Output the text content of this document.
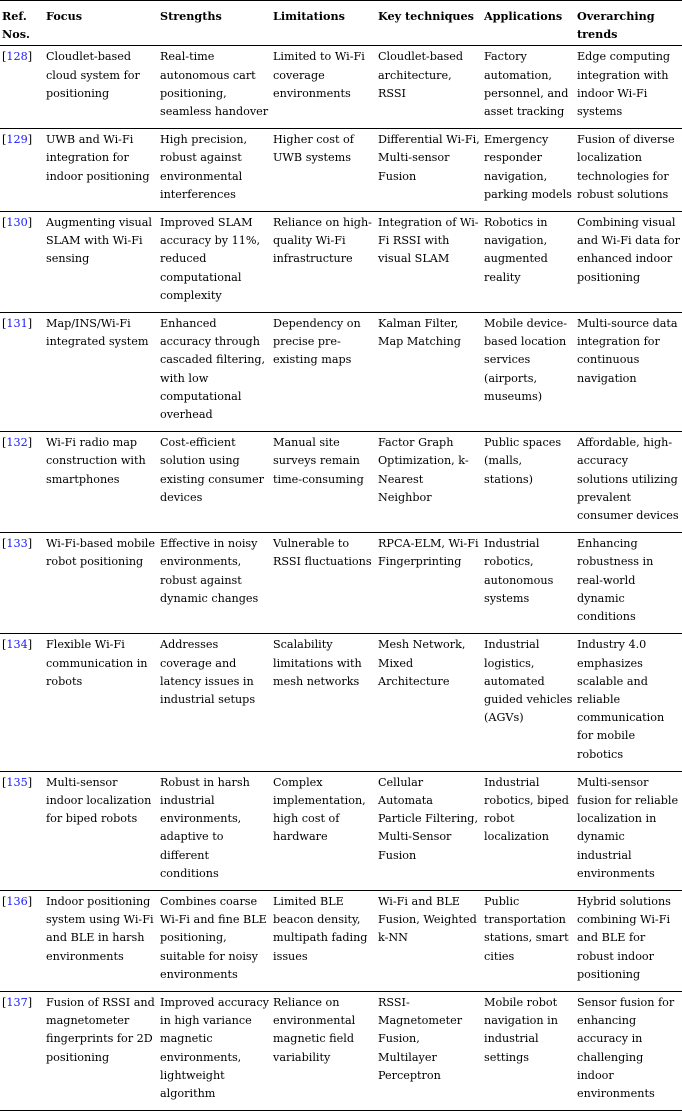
Ref. Nos.	Focus	Strengths	Limitations	Key techniques	Applications	Overarching trends
[128]	Cloudlet-based cloud system for positioning	Real-time autonomous cart positioning, seamless handover	Limited to Wi-Fi coverage environments	Cloudlet-based architecture, RSSI	Factory automation, personnel, and asset tracking	Edge computing integration with indoor Wi-Fi systems
[129]	UWB and Wi-Fi integration for indoor positioning	High precision, robust against environmental interferences	Higher cost of UWB systems	Differential Wi-Fi, Multi-sensor Fusion	Emergency responder navigation, parking models	Fusion of diverse localization technologies for robust solutions
[130]	Augmenting visual SLAM with Wi-Fi sensing	Improved SLAM accuracy by 11%, reduced computational complexity	Reliance on high-quality Wi-Fi infrastructure	Integration of Wi-Fi RSSI with visual SLAM	Robotics in navigation, augmented reality	Combining visual and Wi-Fi data for enhanced indoor positioning
[131]	Map/INS/Wi-Fi integrated system	Enhanced accuracy through cascaded filtering, with low computational overhead	Dependency on precise pre-existing maps	Kalman Filter, Map Matching	Mobile device-based location services (airports, museums)	Multi-source data integration for continuous navigation
[132]	Wi-Fi radio map construction with smartphones	Cost-efficient solution using existing consumer devices	Manual site surveys remain time-consuming	Factor Graph Optimization, k-Nearest Neighbor	Public spaces (malls, stations)	Affordable, high-accuracy solutions utilizing prevalent consumer devices
[133]	Wi-Fi-based mobile robot positioning	Effective in noisy environments, robust against dynamic changes	Vulnerable to RSSI fluctuations	RPCA-ELM, Wi-Fi Fingerprinting	Industrial robotics, autonomous systems	Enhancing robustness in real-world dynamic conditions
[134]	Flexible Wi-Fi communication in robots	Addresses coverage and latency issues in industrial setups	Scalability limitations with mesh networks	Mesh Network, Mixed Architecture	Industrial logistics, automated guided vehicles (AGVs)	Industry 4.0 emphasizes scalable and reliable communication for mobile robotics
[135]	Multi-sensor indoor localization for biped robots	Robust in harsh industrial environments, adaptive to different conditions	Complex implementation, high cost of hardware	Cellular Automata Particle Filtering, Multi-Sensor Fusion	Industrial robotics, biped robot localization	Multi-sensor fusion for reliable localization in dynamic industrial environments
[136]	Indoor positioning system using Wi-Fi and BLE in harsh environments	Combines coarse Wi-Fi and fine BLE positioning, suitable for noisy environments	Limited BLE beacon density, multipath fading issues	Wi-Fi and BLE Fusion, Weighted k-NN	Public transportation stations, smart cities	Hybrid solutions combining Wi-Fi and BLE for robust indoor positioning
[137]	Fusion of RSSI and magnetometer fingerprints for 2D positioning	Improved accuracy in high variance magnetic environments, lightweight algorithm	Reliance on environmental magnetic field variability	RSSI-Magnetometer Fusion, Multilayer Perceptron	Mobile robot navigation in industrial settings	Sensor fusion for enhancing accuracy in challenging indoor environments
